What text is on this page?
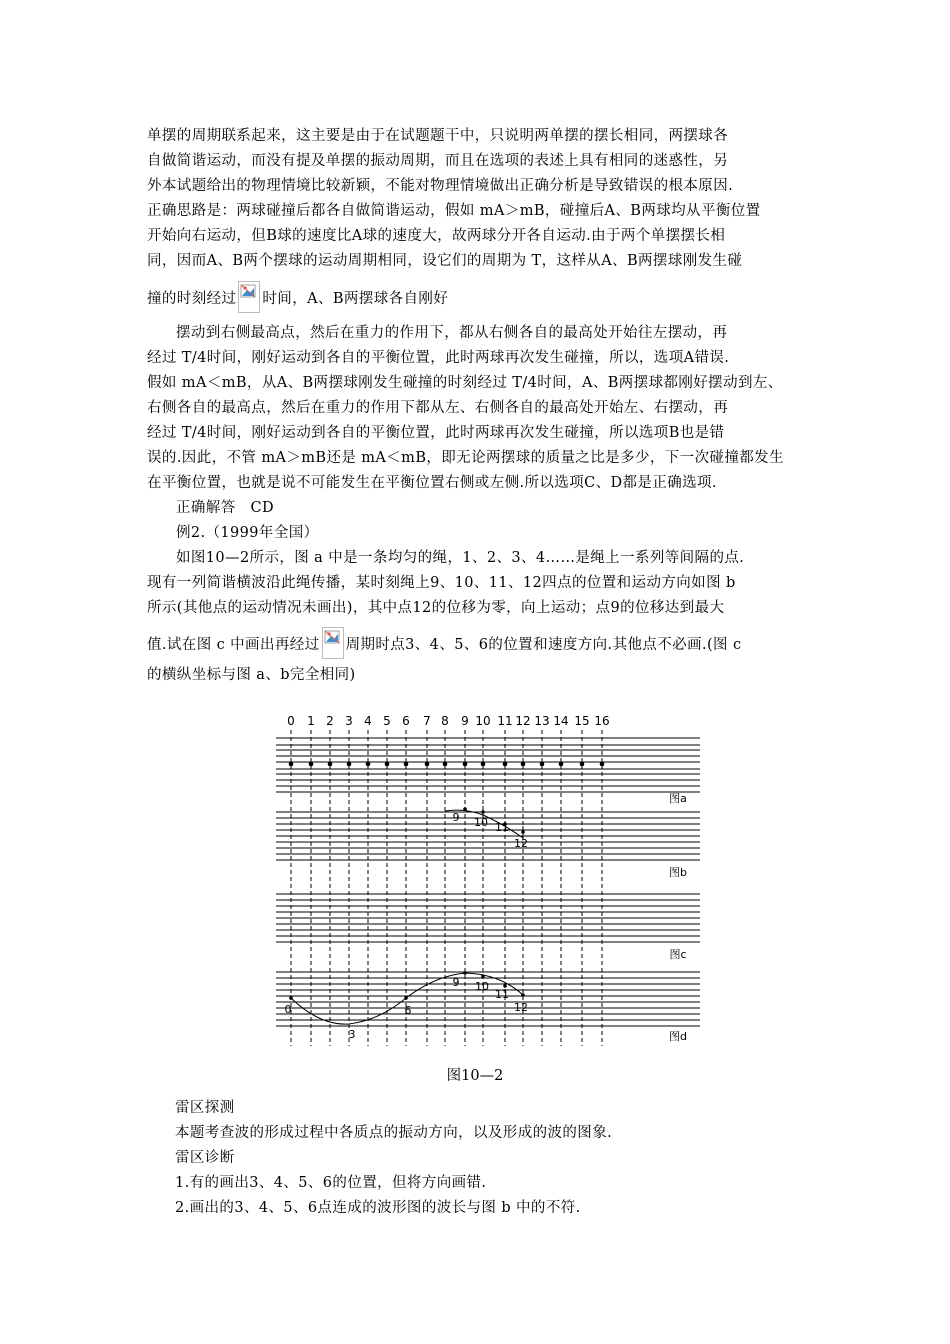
单摆的周期联系起来，这主要是由于在试题题干中，只说明两单摆的摆长相同，两摆球各
自做简谐运动，而没有提及单摆的振动周期，而且在选项的表述上具有相同的迷惑性，另
外本试题给出的物理情境比较新颖，不能对物理情境做出正确分析是导致错误的根本原因.
正确思路是：两球碰撞后都各自做简谐运动，假如 mA＞mB，碰撞后A、B两球均从平衡位置
开始向右运动，但B球的速度比A球的速度大，故两球分开各自运动.由于两个单摆摆长相
同，因而A、B两个摆球的运动周期相同，设它们的周期为 T，这样从A、B两摆球刚发生碰
撞的时刻经过 时间，A、B两摆球各自刚好
摆动到右侧最高点，然后在重力的作用下，都从右侧各自的最高处开始往左摆动，再
经过 T/4时间，刚好运动到各自的平衡位置，此时两球再次发生碰撞，所以，选项A错误.
假如 mA＜mB，从A、B两摆球刚发生碰撞的时刻经过 T/4时间，A、B两摆球都刚好摆动到左、
右侧各自的最高点，然后在重力的作用下都从左、右侧各自的最高处开始左、右摆动，再
经过 T/4时间，刚好运动到各自的平衡位置，此时两球再次发生碰撞，所以选项B也是错
误的.因此，不管 mA＞mB还是 mA＜mB，即无论两摆球的质量之比是多少，下一次碰撞都发生
在平衡位置，也就是说不可能发生在平衡位置右侧或左侧.所以选项C、D都是正确选项.
正确解答　CD
例2.（1999年全国）
如图10—2所示，图 a 中是一条均匀的绳，1、2、3、4……是绳上一系列等间隔的点.
现有一列简谐横波沿此绳传播，某时刻绳上9、10、11、12四点的位置和运动方向如图 b
所示(其他点的运动情况未画出)，其中点12的位移为零，向上运动；点9的位移达到最大
值.试在图 c 中画出再经过 周期时点3、4、5、6的位置和速度方向.其他点不必画.(图 c
的横纵坐标与图 a、b完全相同)
0 1 2 3 4 5 6 7 8 9 10 11 12 13 14 15 16
图a
图b
图c
图d
9 10 11
12
0
3
6
9 10
11
12
图10—2
雷区探测
本题考查波的形成过程中各质点的振动方向，以及形成的波的图象.
雷区诊断
1.有的画出3、4、5、6的位置，但将方向画错.
2.画出的3、4、5、6点连成的波形图的波长与图 b 中的不符.
